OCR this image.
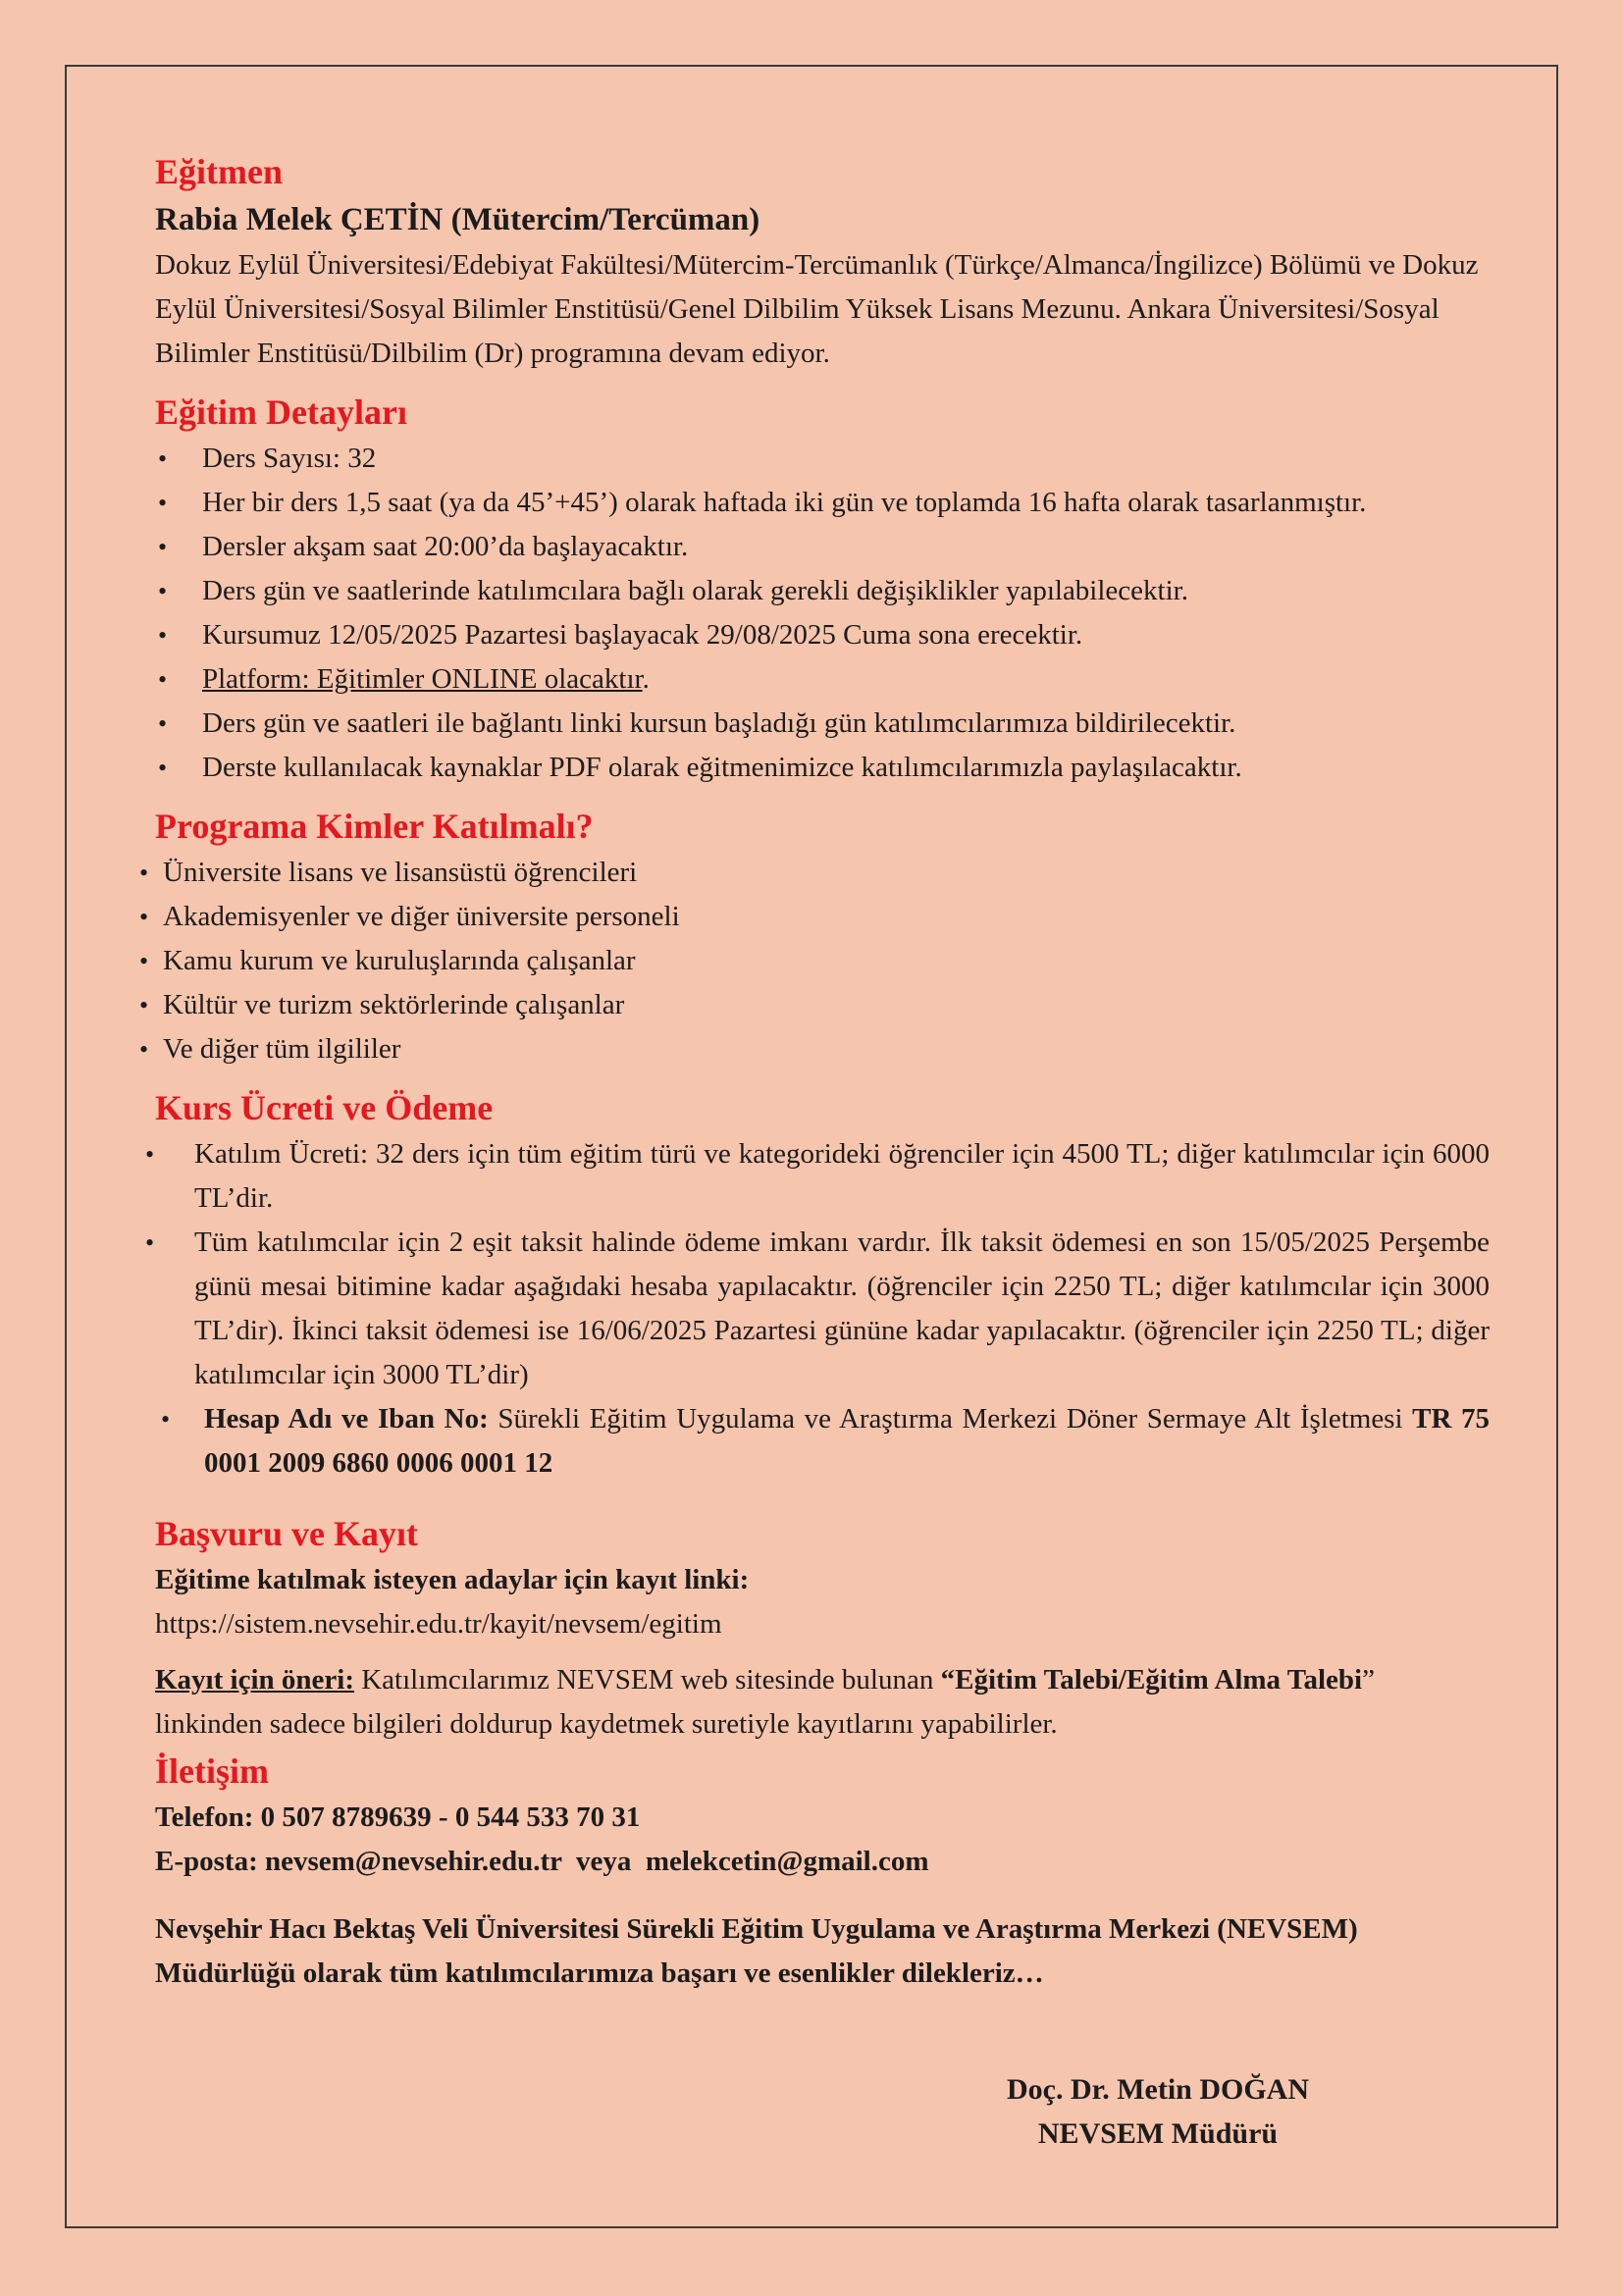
Eğitmen

Rabia Melek ÇETİN (Mütercim/Tercüman)

Dokuz Eylül Üniversitesi/Edebiyat Fakültesi/Mütercim-Tercümanlık (Türkçe/Almanca/İngilizce) Bölümü ve Dokuz Eylül Üniversitesi/Sosyal Bilimler Enstitüsü/Genel Dilbilim Yüksek Lisans Mezunu. Ankara Üniversitesi/Sosyal Bilimler Enstitüsü/Dilbilim (Dr) programına devam ediyor.

Eğitim Detayları
• Ders Sayısı: 32
• Her bir ders 1,5 saat (ya da 45’+45’) olarak haftada iki gün ve toplamda 16 hafta olarak tasarlanmıştır.
• Dersler akşam saat 20:00’da başlayacaktır.
• Ders gün ve saatlerinde katılımcılara bağlı olarak gerekli değişiklikler yapılabilecektir.
• Kursumuz 12/05/2025 Pazartesi başlayacak 29/08/2025 Cuma sona erecektir.
• Platform: Eğitimler ONLINE olacaktır.
• Ders gün ve saatleri ile bağlantı linki kursun başladığı gün katılımcılarımıza bildirilecektir.
• Derste kullanılacak kaynaklar PDF olarak eğitmenimizce katılımcılarımızla paylaşılacaktır.
Programa Kimler Katılmalı?
• Üniversite lisans ve lisansüstü öğrencileri
• Akademisyenler ve diğer üniversite personeli
• Kamu kurum ve kuruluşlarında çalışanlar
• Kültür ve turizm sektörlerinde çalışanlar
• Ve diğer tüm ilgililer
Kurs Ücreti ve Ödeme
• Katılım Ücreti: 32 ders için tüm eğitim türü ve kategorideki öğrenciler için 4500 TL; diğer katılımcılar için 6000 TL’dir.
• Tüm katılımcılar için 2 eşit taksit halinde ödeme imkanı vardır. İlk taksit ödemesi en son 15/05/2025 Perşembe günü mesai bitimine kadar aşağıdaki hesaba yapılacaktır. (öğrenciler için 2250 TL; diğer katılımcılar için 3000 TL’dir). İkinci taksit ödemesi ise 16/06/2025 Pazartesi gününe kadar yapılacaktır. (öğrenciler için 2250 TL; diğer katılımcılar için 3000 TL’dir)
• Hesap Adı ve Iban No: Sürekli Eğitim Uygulama ve Araştırma Merkezi Döner Sermaye Alt İşletmesi TR 75 0001 2009 6860 0006 0001 12
Başvuru ve Kayıt

Eğitime katılmak isteyen adaylar için kayıt linki:

https://sistem.nevsehir.edu.tr/kayit/nevsem/egitim

Kayıt için öneri: Katılımcılarımız NEVSEM web sitesinde bulunan “Eğitim Talebi/Eğitim Alma Talebi” linkinden sadece bilgileri doldurup kaydetmek suretiyle kayıtlarını yapabilirler.

İletişim

Telefon: 0 507 8789639 - 0 544 533 70 31

E-posta: nevsem@nevsehir.edu.tr  veya  melekcetin@gmail.com

Nevşehir Hacı Bektaş Veli Üniversitesi Sürekli Eğitim Uygulama ve Araştırma Merkezi (NEVSEM) Müdürlüğü olarak tüm katılımcılarımıza başarı ve esenlikler dilekleriz…

Doç. Dr. Metin DOĞAN
NEVSEM Müdürü
